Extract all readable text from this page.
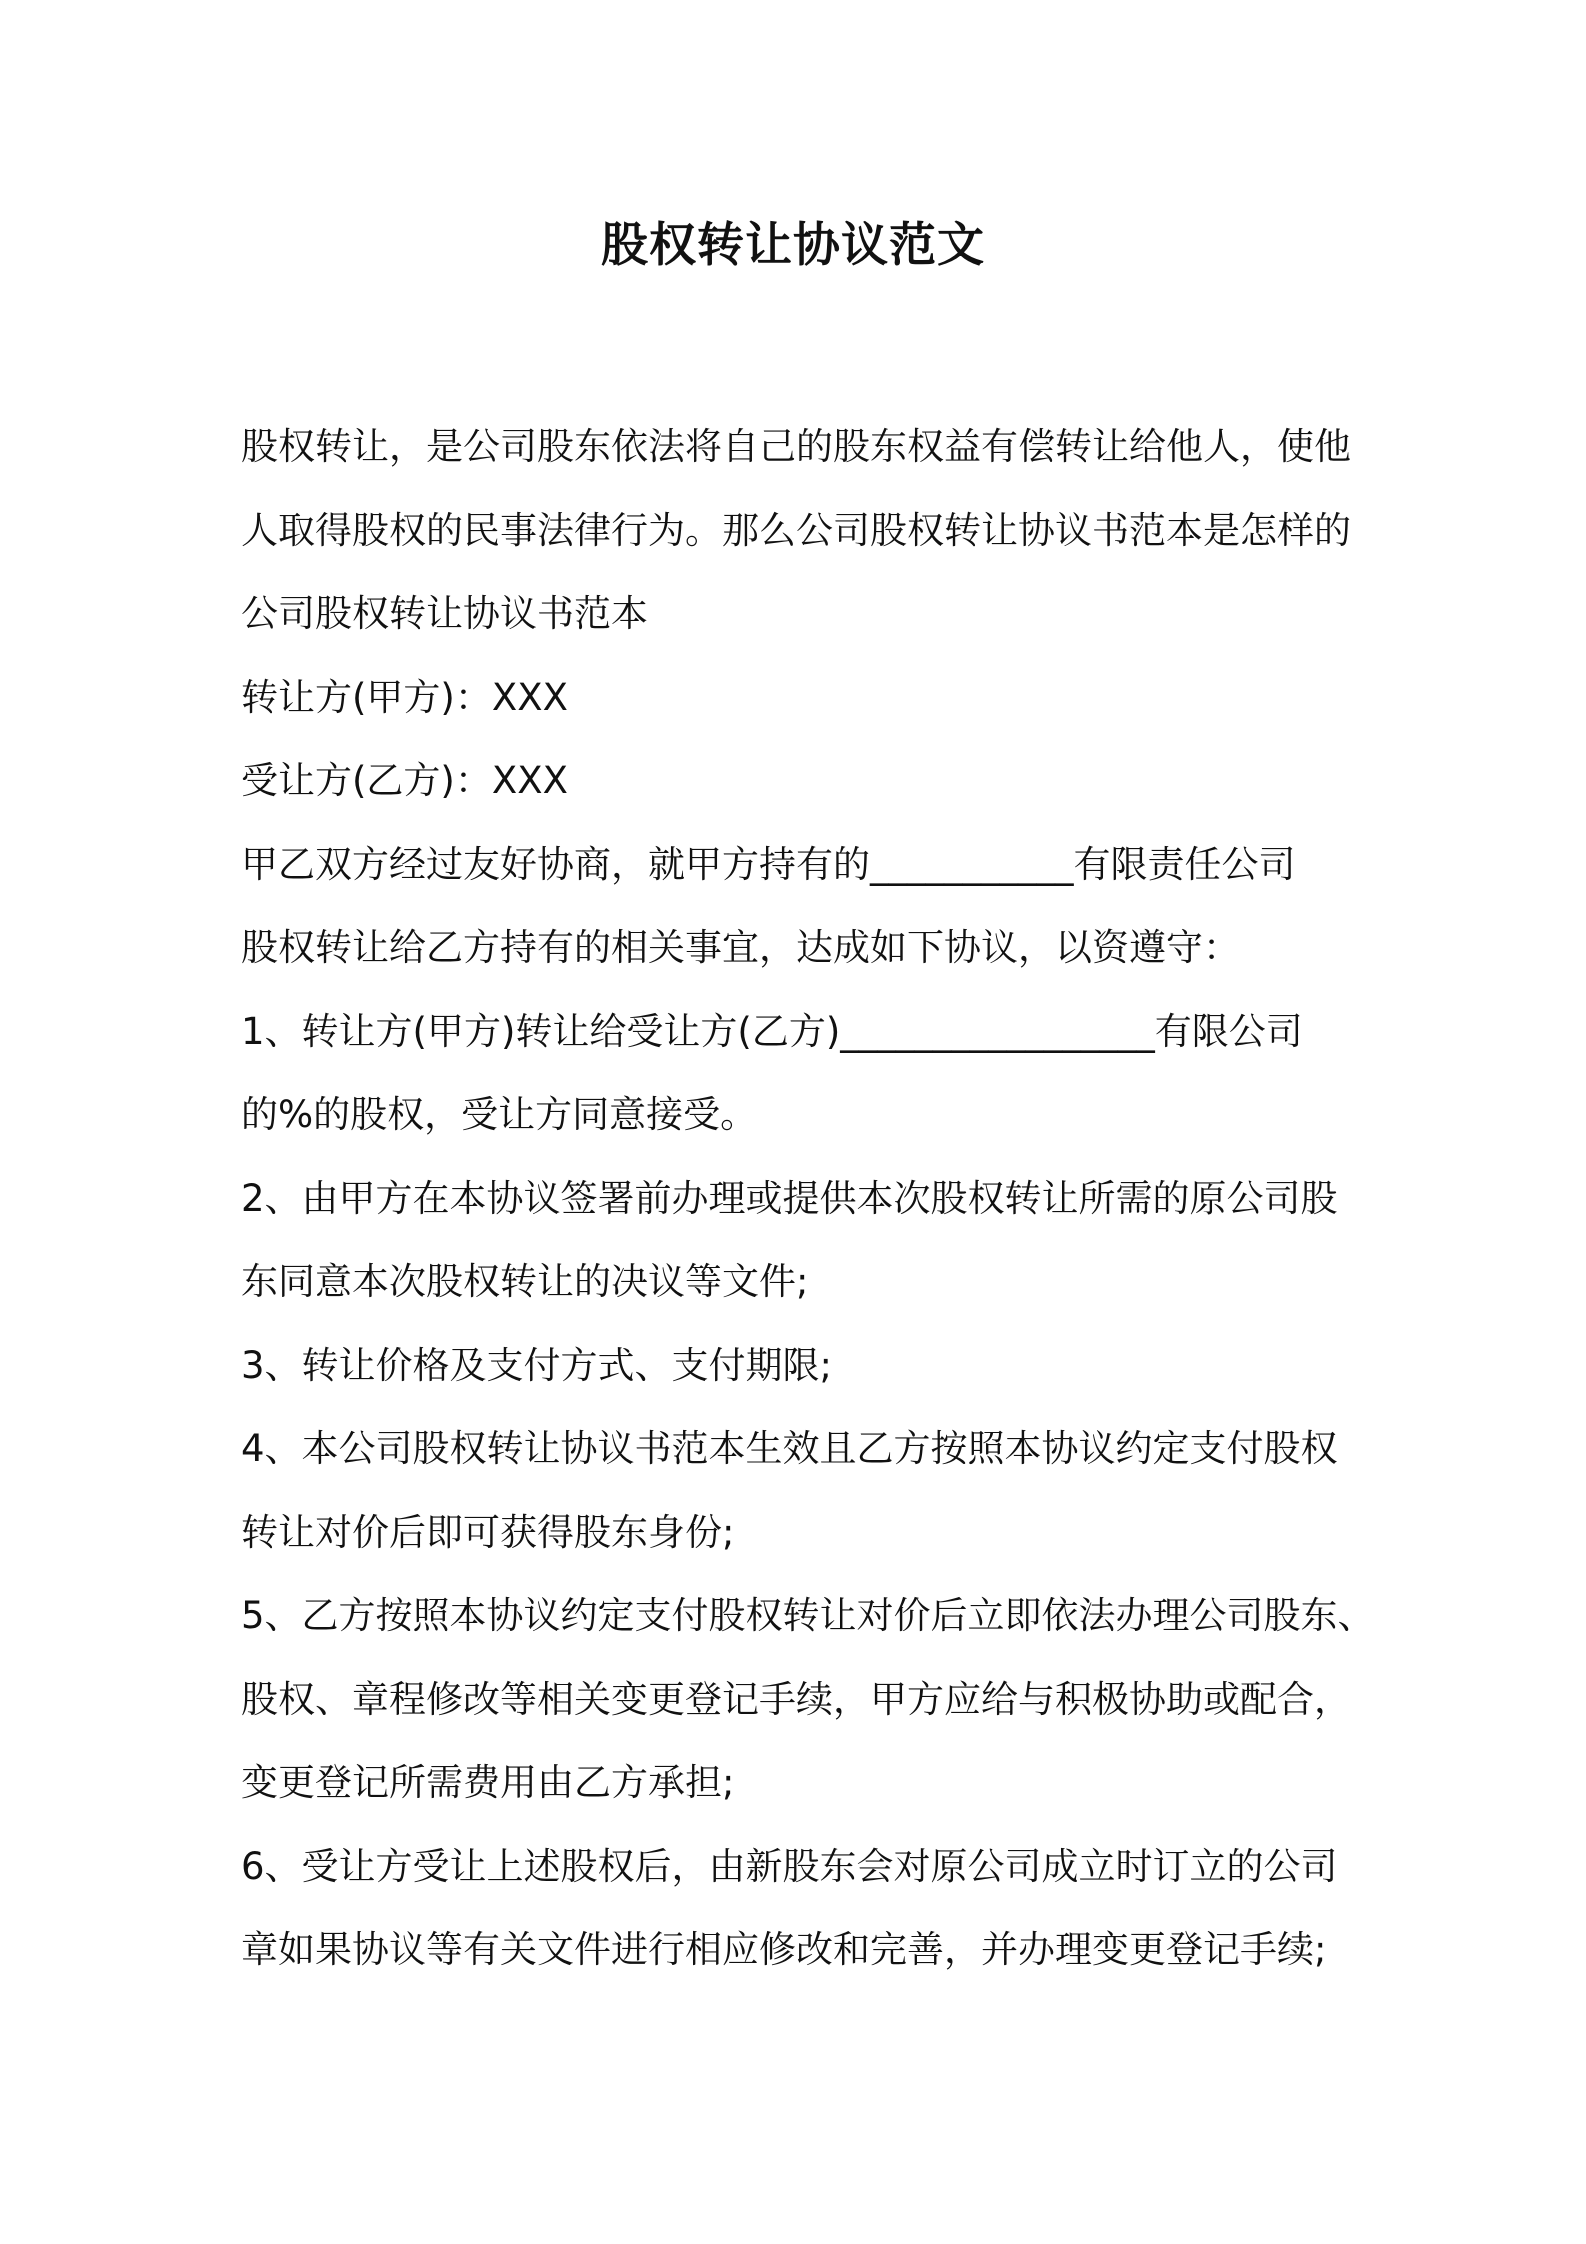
股权转让协议范文
股权转让，是公司股东依法将自己的股东权益有偿转让给他人，使他
人取得股权的民事法律行为。那么公司股权转让协议书范本是怎样的
公司股权转让协议书范本
转让方(甲方)：XXX
受让方(乙方)：XXX
甲乙双方经过友好协商，就甲方持有的___________有限责任公司
股权转让给乙方持有的相关事宜，达成如下协议，以资遵守：
1、转让方(甲方)转让给受让方(乙方)_________________有限公司
的%的股权，受让方同意接受。
2、由甲方在本协议签署前办理或提供本次股权转让所需的原公司股
东同意本次股权转让的决议等文件;
3、转让价格及支付方式、支付期限;
4、本公司股权转让协议书范本生效且乙方按照本协议约定支付股权
转让对价后即可获得股东身份;
5、乙方按照本协议约定支付股权转让对价后立即依法办理公司股东、
股权、章程修改等相关变更登记手续，甲方应给与积极协助或配合，
变更登记所需费用由乙方承担;
6、受让方受让上述股权后，由新股东会对原公司成立时订立的公司
章如果协议等有关文件进行相应修改和完善，并办理变更登记手续;
